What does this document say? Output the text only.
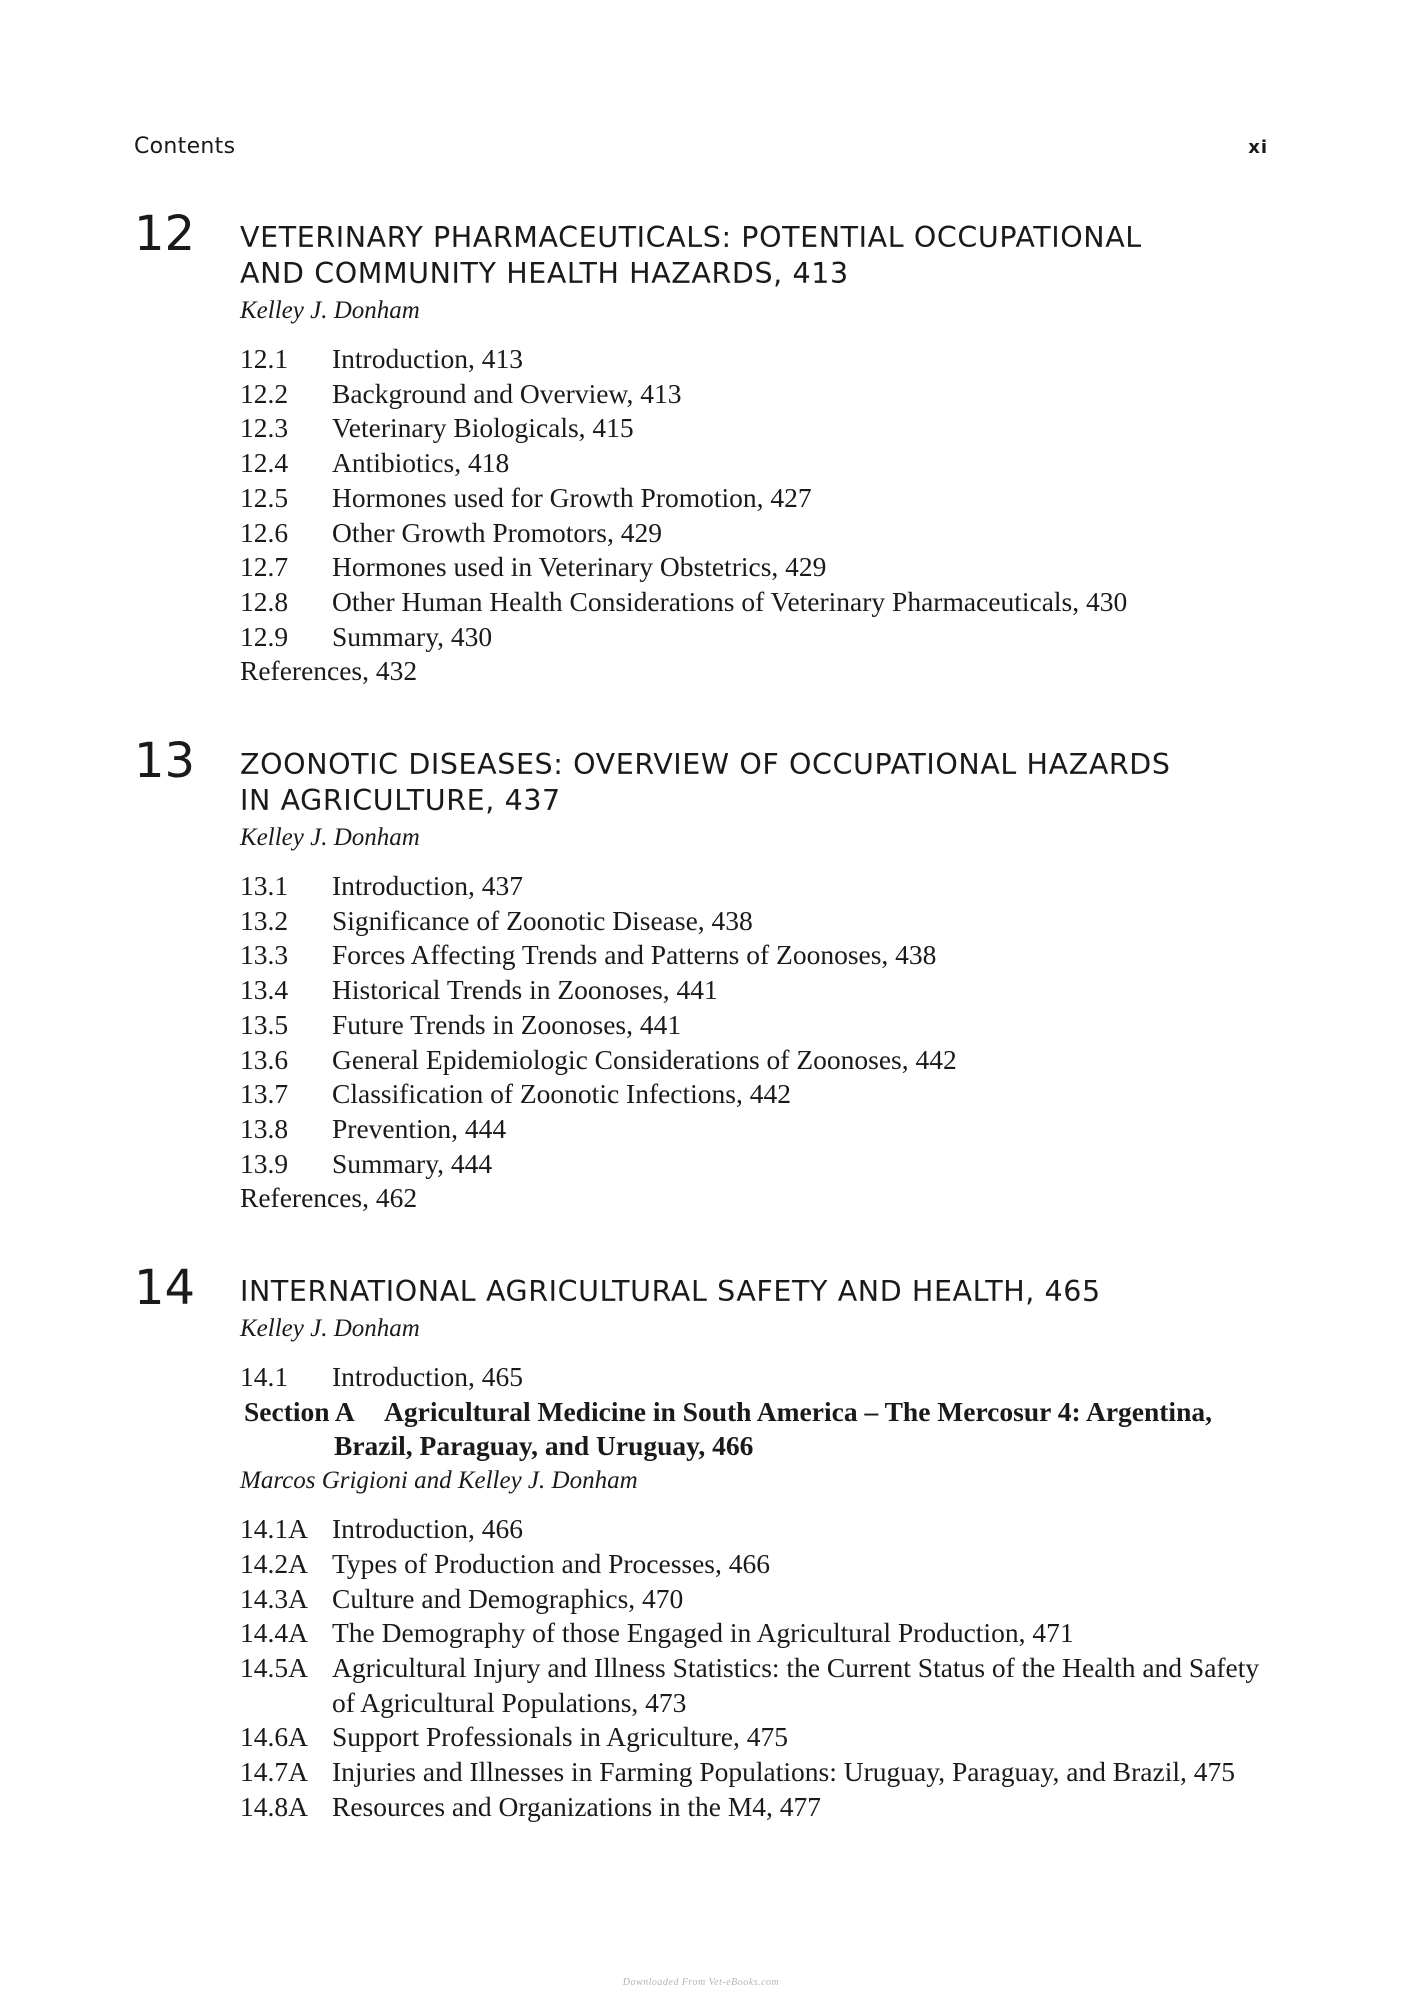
Contents	xi
12 VETERINARY PHARMACEUTICALS: POTENTIAL OCCUPATIONAL
AND COMMUNITY HEALTH HAZARDS, 413
Kelley J. Donham
12.1	Introduction, 413
12.2	Background and Overview, 413
12.3	Veterinary Biologicals, 415
12.4	Antibiotics, 418
12.5	Hormones used for Growth Promotion, 427
12.6	Other Growth Promotors, 429
12.7	Hormones used in Veterinary Obstetrics, 429
12.8	Other Human Health Considerations of Veterinary Pharmaceuticals, 430
12.9	Summary, 430
References, 432
13 ZOONOTIC DISEASES: OVERVIEW OF OCCUPATIONAL HAZARDS
IN AGRICULTURE, 437
Kelley J. Donham
13.1	Introduction, 437
13.2	Significance of Zoonotic Disease, 438
13.3	Forces Affecting Trends and Patterns of Zoonoses, 438
13.4	Historical Trends in Zoonoses, 441
13.5	Future Trends in Zoonoses, 441
13.6	General Epidemiologic Considerations of Zoonoses, 442
13.7	Classification of Zoonotic Infections, 442
13.8	Prevention, 444
13.9	Summary, 444
References, 462
14 INTERNATIONAL AGRICULTURAL SAFETY AND HEALTH, 465
Kelley J. Donham
14.1	Introduction, 465
Section A	Agricultural Medicine in South America – The Mercosur 4: Argentina,
Brazil, Paraguay, and Uruguay, 466
Marcos Grigioni and Kelley J. Donham
14.1A Introduction, 466
14.2A Types of Production and Processes, 466
14.3A Culture and Demographics, 470
14.4A The Demography of those Engaged in Agricultural Production, 471
14.5A Agricultural Injury and Illness Statistics: the Current Status of the Health and Safety of Agricultural Populations, 473
14.6A Support Professionals in Agriculture, 475
14.7A Injuries and Illnesses in Farming Populations: Uruguay, Paraguay, and Brazil, 475
14.8A Resources and Organizations in the M4, 477
Downloaded From Vet-eBooks.com
